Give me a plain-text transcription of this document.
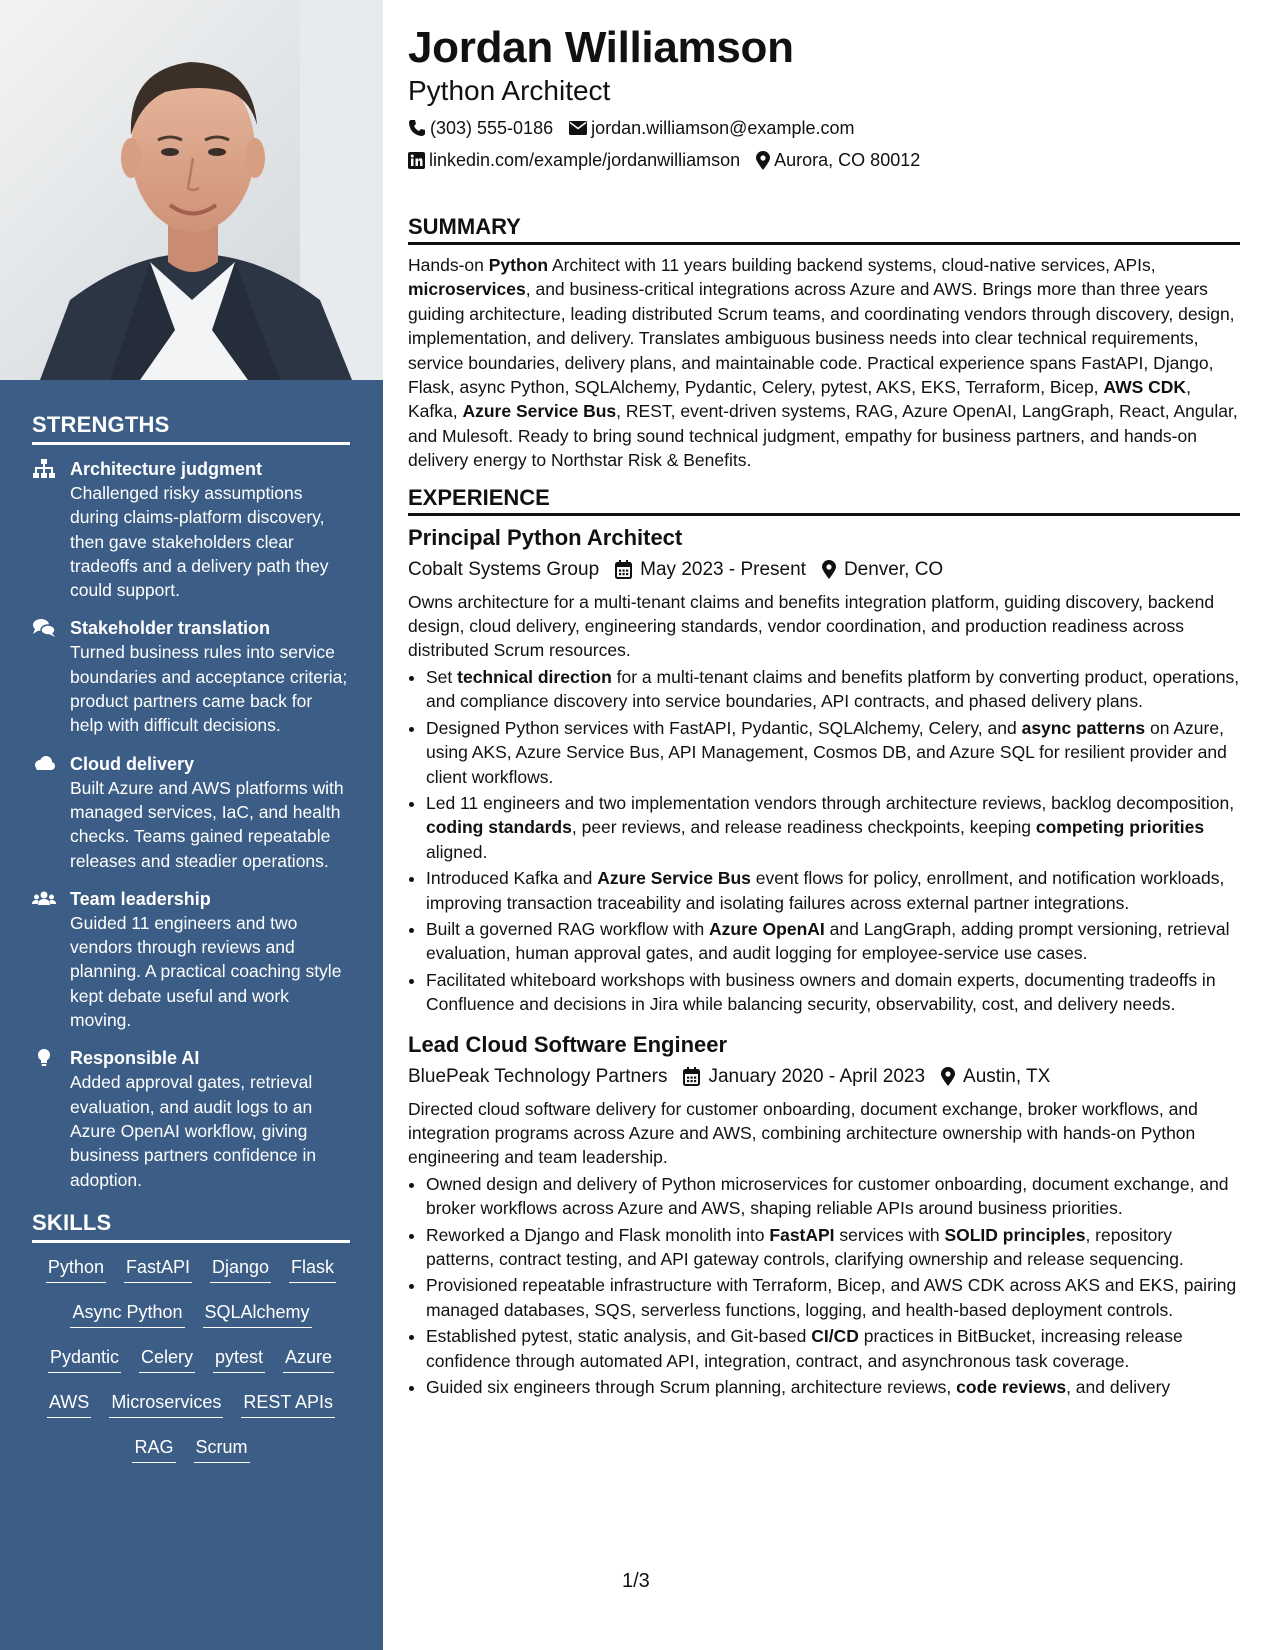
STRENGTHS
Architecture judgment
Challenged risky assumptions during claims-platform discovery, then gave stakeholders clear tradeoffs and a delivery path they could support.
Stakeholder translation
Turned business rules into service boundaries and acceptance criteria; product partners came back for help with difficult decisions.
Cloud delivery
Built Azure and AWS platforms with managed services, IaC, and health checks. Teams gained repeatable releases and steadier operations.
Team leadership
Guided 11 engineers and two vendors through reviews and planning. A practical coaching style kept debate useful and work moving.
Responsible AI
Added approval gates, retrieval evaluation, and audit logs to an Azure OpenAI workflow, giving business partners confidence in adoption.
SKILLS
Python FastAPI Django Flask
Async Python SQLAlchemy
Pydantic Celery pytest Azure
AWS Microservices REST APIs
RAG Scrum
Jordan Williamson
Python Architect
(303) 555-0186 jordan.williamson@example.com
linkedin.com/example/jordanwilliamson Aurora, CO 80012
SUMMARY

Hands-on Python Architect with 11 years building backend systems, cloud-native services, APIs, microservices, and business-critical integrations across Azure and AWS. Brings more than three years guiding architecture, leading distributed Scrum teams, and coordinating vendors through discovery, design, implementation, and delivery. Translates ambiguous business needs into clear technical requirements, service boundaries, delivery plans, and maintainable code. Practical experience spans FastAPI, Django, Flask, async Python, SQLAlchemy, Pydantic, Celery, pytest, AKS, EKS, Terraform, Bicep, AWS CDK, Kafka, Azure Service Bus, REST, event-driven systems, RAG, Azure OpenAI, LangGraph, React, Angular, and Mulesoft. Ready to bring sound technical judgment, empathy for business partners, and hands-on delivery energy to Northstar Risk & Benefits.

EXPERIENCE
Principal Python Architect
Cobalt Systems Group May 2023 - Present Denver, CO

Owns architecture for a multi-tenant claims and benefits integration platform, guiding discovery, backend design, cloud delivery, engineering standards, vendor coordination, and production readiness across distributed Scrum resources.

• Set technical direction for a multi-tenant claims and benefits platform by converting product, operations, and compliance discovery into service boundaries, API contracts, and phased delivery plans.
• Designed Python services with FastAPI, Pydantic, SQLAlchemy, Celery, and async patterns on Azure, using AKS, Azure Service Bus, API Management, Cosmos DB, and Azure SQL for resilient provider and client workflows.
• Led 11 engineers and two implementation vendors through architecture reviews, backlog decomposition, coding standards, peer reviews, and release readiness checkpoints, keeping competing priorities aligned.
• Introduced Kafka and Azure Service Bus event flows for policy, enrollment, and notification workloads, improving transaction traceability and isolating failures across external partner integrations.
• Built a governed RAG workflow with Azure OpenAI and LangGraph, adding prompt versioning, retrieval evaluation, human approval gates, and audit logging for employee-service use cases.
• Facilitated whiteboard workshops with business owners and domain experts, documenting tradeoffs in Confluence and decisions in Jira while balancing security, observability, cost, and delivery needs.
Lead Cloud Software Engineer
BluePeak Technology Partners January 2020 - April 2023 Austin, TX

Directed cloud software delivery for customer onboarding, document exchange, broker workflows, and integration programs across Azure and AWS, combining architecture ownership with hands-on Python engineering and team leadership.

• Owned design and delivery of Python microservices for customer onboarding, document exchange, and broker workflows across Azure and AWS, shaping reliable APIs around business priorities.
• Reworked a Django and Flask monolith into FastAPI services with SOLID principles, repository patterns, contract testing, and API gateway controls, clarifying ownership and release sequencing.
• Provisioned repeatable infrastructure with Terraform, Bicep, and AWS CDK across AKS and EKS, pairing managed databases, SQS, serverless functions, logging, and health-based deployment controls.
• Established pytest, static analysis, and Git-based CI/CD practices in BitBucket, increasing release confidence through automated API, integration, contract, and asynchronous task coverage.
• Guided six engineers through Scrum planning, architecture reviews, code reviews, and delivery
1/3
